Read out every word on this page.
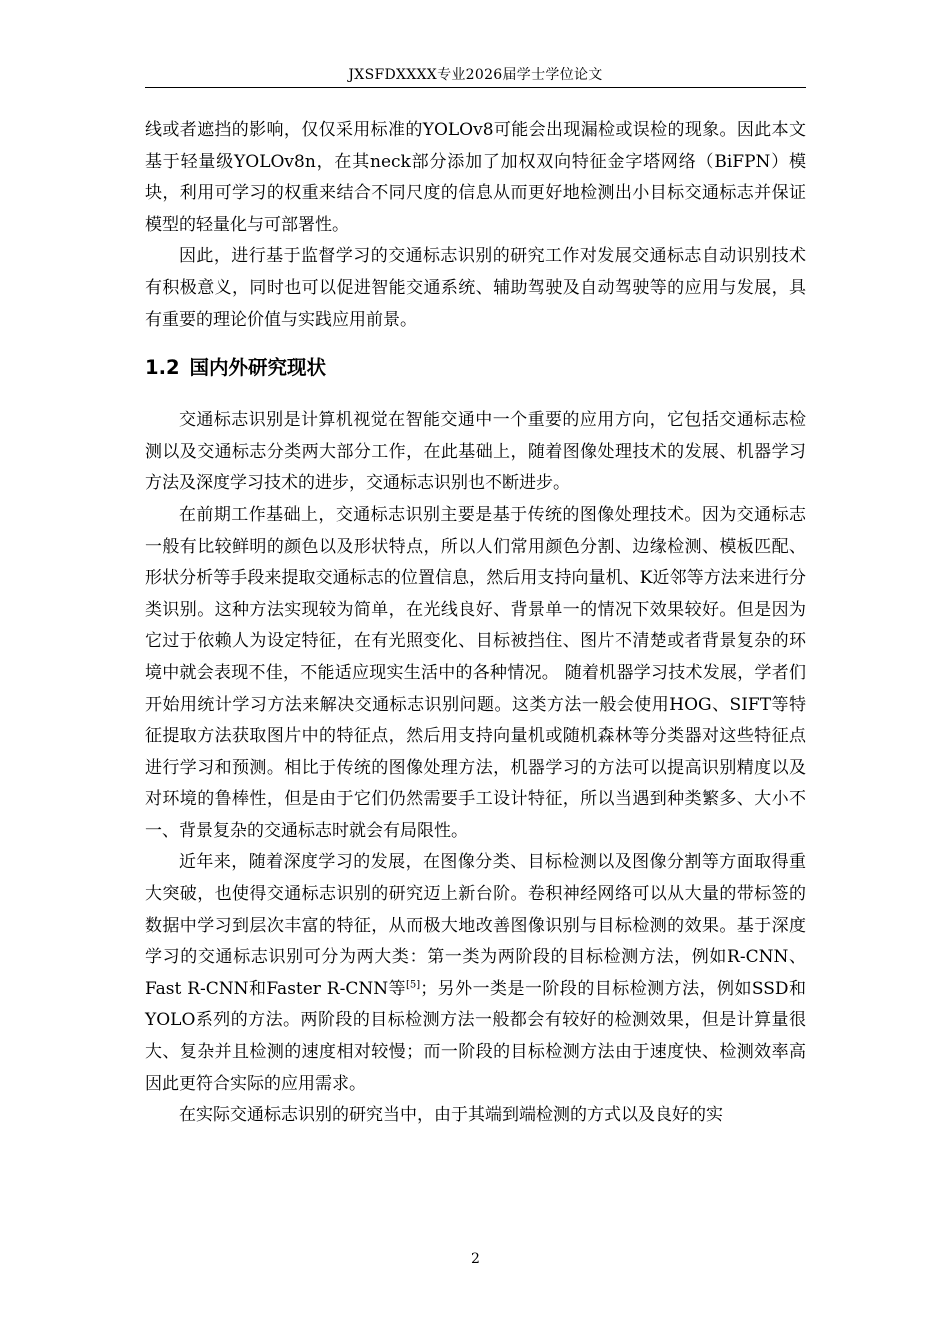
JXSFDXXXX专业2026届学士学位论文

线或者遮挡的影响，仅仅采用标准的YOLOv8可能会出现漏检或误检的现象。因此本文基于轻量级YOLOv8n，在其neck部分添加了加权双向特征金字塔网络（BiFPN）模块，利用可学习的权重来结合不同尺度的信息从而更好地检测出小目标交通标志并保证模型的轻量化与可部署性。

因此，进行基于监督学习的交通标志识别的研究工作对发展交通标志自动识别技术有积极意义，同时也可以促进智能交通系统、辅助驾驶及自动驾驶等的应用与发展，具有重要的理论价值与实践应用前景。

1.2 国内外研究现状

交通标志识别是计算机视觉在智能交通中一个重要的应用方向，它包括交通标志检测以及交通标志分类两大部分工作，在此基础上，随着图像处理技术的发展、机器学习方法及深度学习技术的进步，交通标志识别也不断进步。

在前期工作基础上，交通标志识别主要是基于传统的图像处理技术。因为交通标志一般有比较鲜明的颜色以及形状特点，所以人们常用颜色分割、边缘检测、模板匹配、形状分析等手段来提取交通标志的位置信息，然后用支持向量机、K近邻等方法来进行分类识别。这种方法实现较为简单，在光线良好、背景单一的情况下效果较好。但是因为它过于依赖人为设定特征，在有光照变化、目标被挡住、图片不清楚或者背景复杂的环境中就会表现不佳，不能适应现实生活中的各种情况。 随着机器学习技术发展，学者们开始用统计学习方法来解决交通标志识别问题。这类方法一般会使用HOG、SIFT等特征提取方法获取图片中的特征点，然后用支持向量机或随机森林等分类器对这些特征点进行学习和预测。相比于传统的图像处理方法，机器学习的方法可以提高识别精度以及对环境的鲁棒性，但是由于它们仍然需要手工设计特征，所以当遇到种类繁多、大小不一、背景复杂的交通标志时就会有局限性。

近年来，随着深度学习的发展，在图像分类、目标检测以及图像分割等方面取得重大突破，也使得交通标志识别的研究迈上新台阶。卷积神经网络可以从大量的带标签的数据中学习到层次丰富的特征，从而极大地改善图像识别与目标检测的效果。基于深度学习的交通标志识别可分为两大类：第一类为两阶段的目标检测方法，例如R-CNN、Fast R-CNN和Faster R-CNN等[5]；另外一类是一阶段的目标检测方法，例如SSD和YOLO系列的方法。两阶段的目标检测方法一般都会有较好的检测效果，但是计算量很大、复杂并且检测的速度相对较慢；而一阶段的目标检测方法由于速度快、检测效率高因此更符合实际的应用需求。

在实际交通标志识别的研究当中，由于其端到端检测的方式以及良好的实

2
